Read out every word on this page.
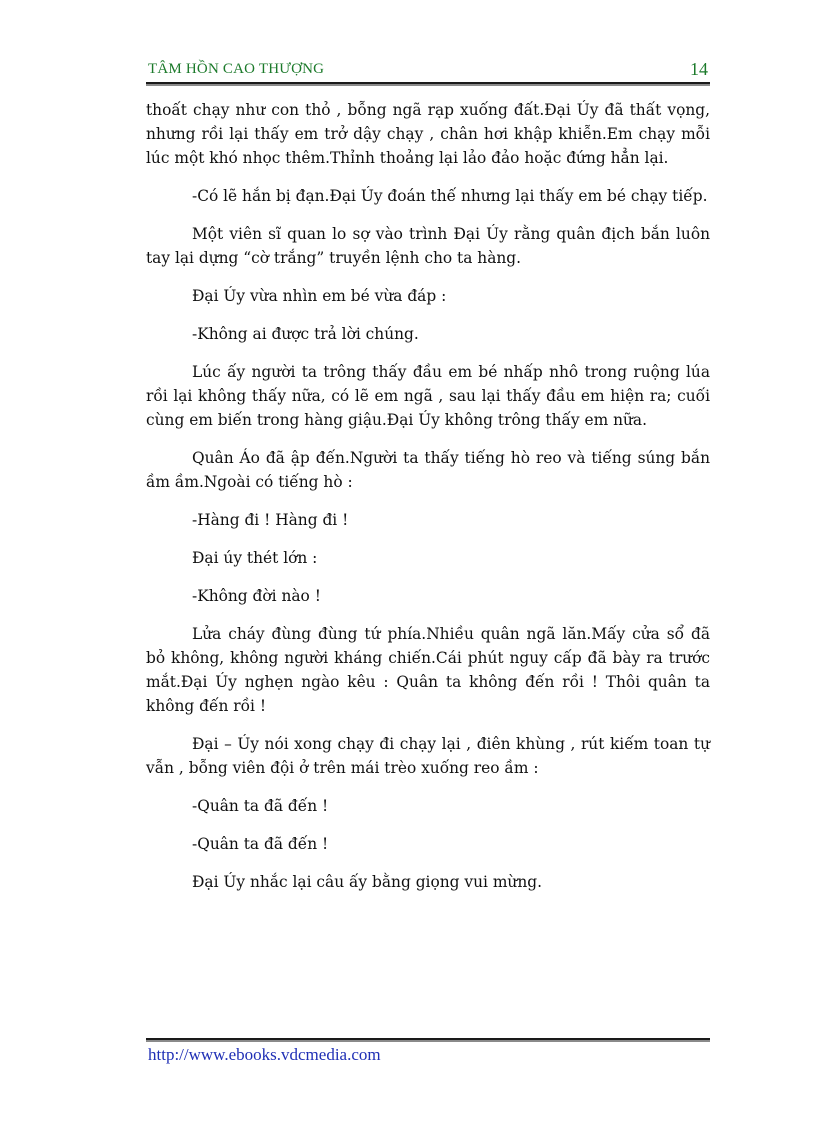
TÂM HỒN CAO THƯỢNG	14

thoất chạy như con thỏ , bỗng ngã rạp xuống đất.Đại Úy đã thất vọng, nhưng rồi lại thấy em trở dậy chạy , chân hơi khập khiễn.Em chạy mỗi lúc một khó nhọc thêm.Thỉnh thoảng lại lảo đảo hoặc đứng hẳn lại.

-Có lẽ hắn bị đạn.Đại Úy đoán thế nhưng lại thấy em bé chạy tiếp.

Một viên sĩ quan lo sợ vào trình Đại Úy rằng quân địch bắn luôn tay lại dựng “cờ trắng” truyền lệnh cho ta hàng.

Đại Úy vừa nhìn em bé vừa đáp :

-Không ai được trả lời chúng.

Lúc ấy người ta trông thấy đầu em bé nhấp nhô trong ruộng lúa rồi lại không thấy nữa, có lẽ em ngã , sau lại thấy đầu em hiện ra; cuối cùng em biến trong hàng giậu.Đại Úy không trông thấy em nữa.

Quân Áo đã ập đến.Người ta thấy tiếng hò reo và tiếng súng bắn ầm ầm.Ngoài có tiếng hò :

-Hàng đi ! Hàng đi !

Đại úy thét lớn :

-Không đời nào !

Lửa cháy đùng đùng tứ phía.Nhiều quân ngã lăn.Mấy cửa sổ đã bỏ không, không người kháng chiến.Cái phút nguy cấp đã bày ra trước mắt.Đại Úy nghẹn ngào kêu : Quân ta không đến rồi ! Thôi quân ta không đến rồi !

Đại – Úy nói xong chạy đi chạy lại , điên khùng , rút kiếm toan tự vẫn , bỗng viên đội ở trên mái trèo xuống reo ầm :

-Quân ta đã đến !

-Quân ta đã đến !

Đại Úy nhắc lại câu ấy bằng giọng vui mừng.

http://www.ebooks.vdcmedia.com
